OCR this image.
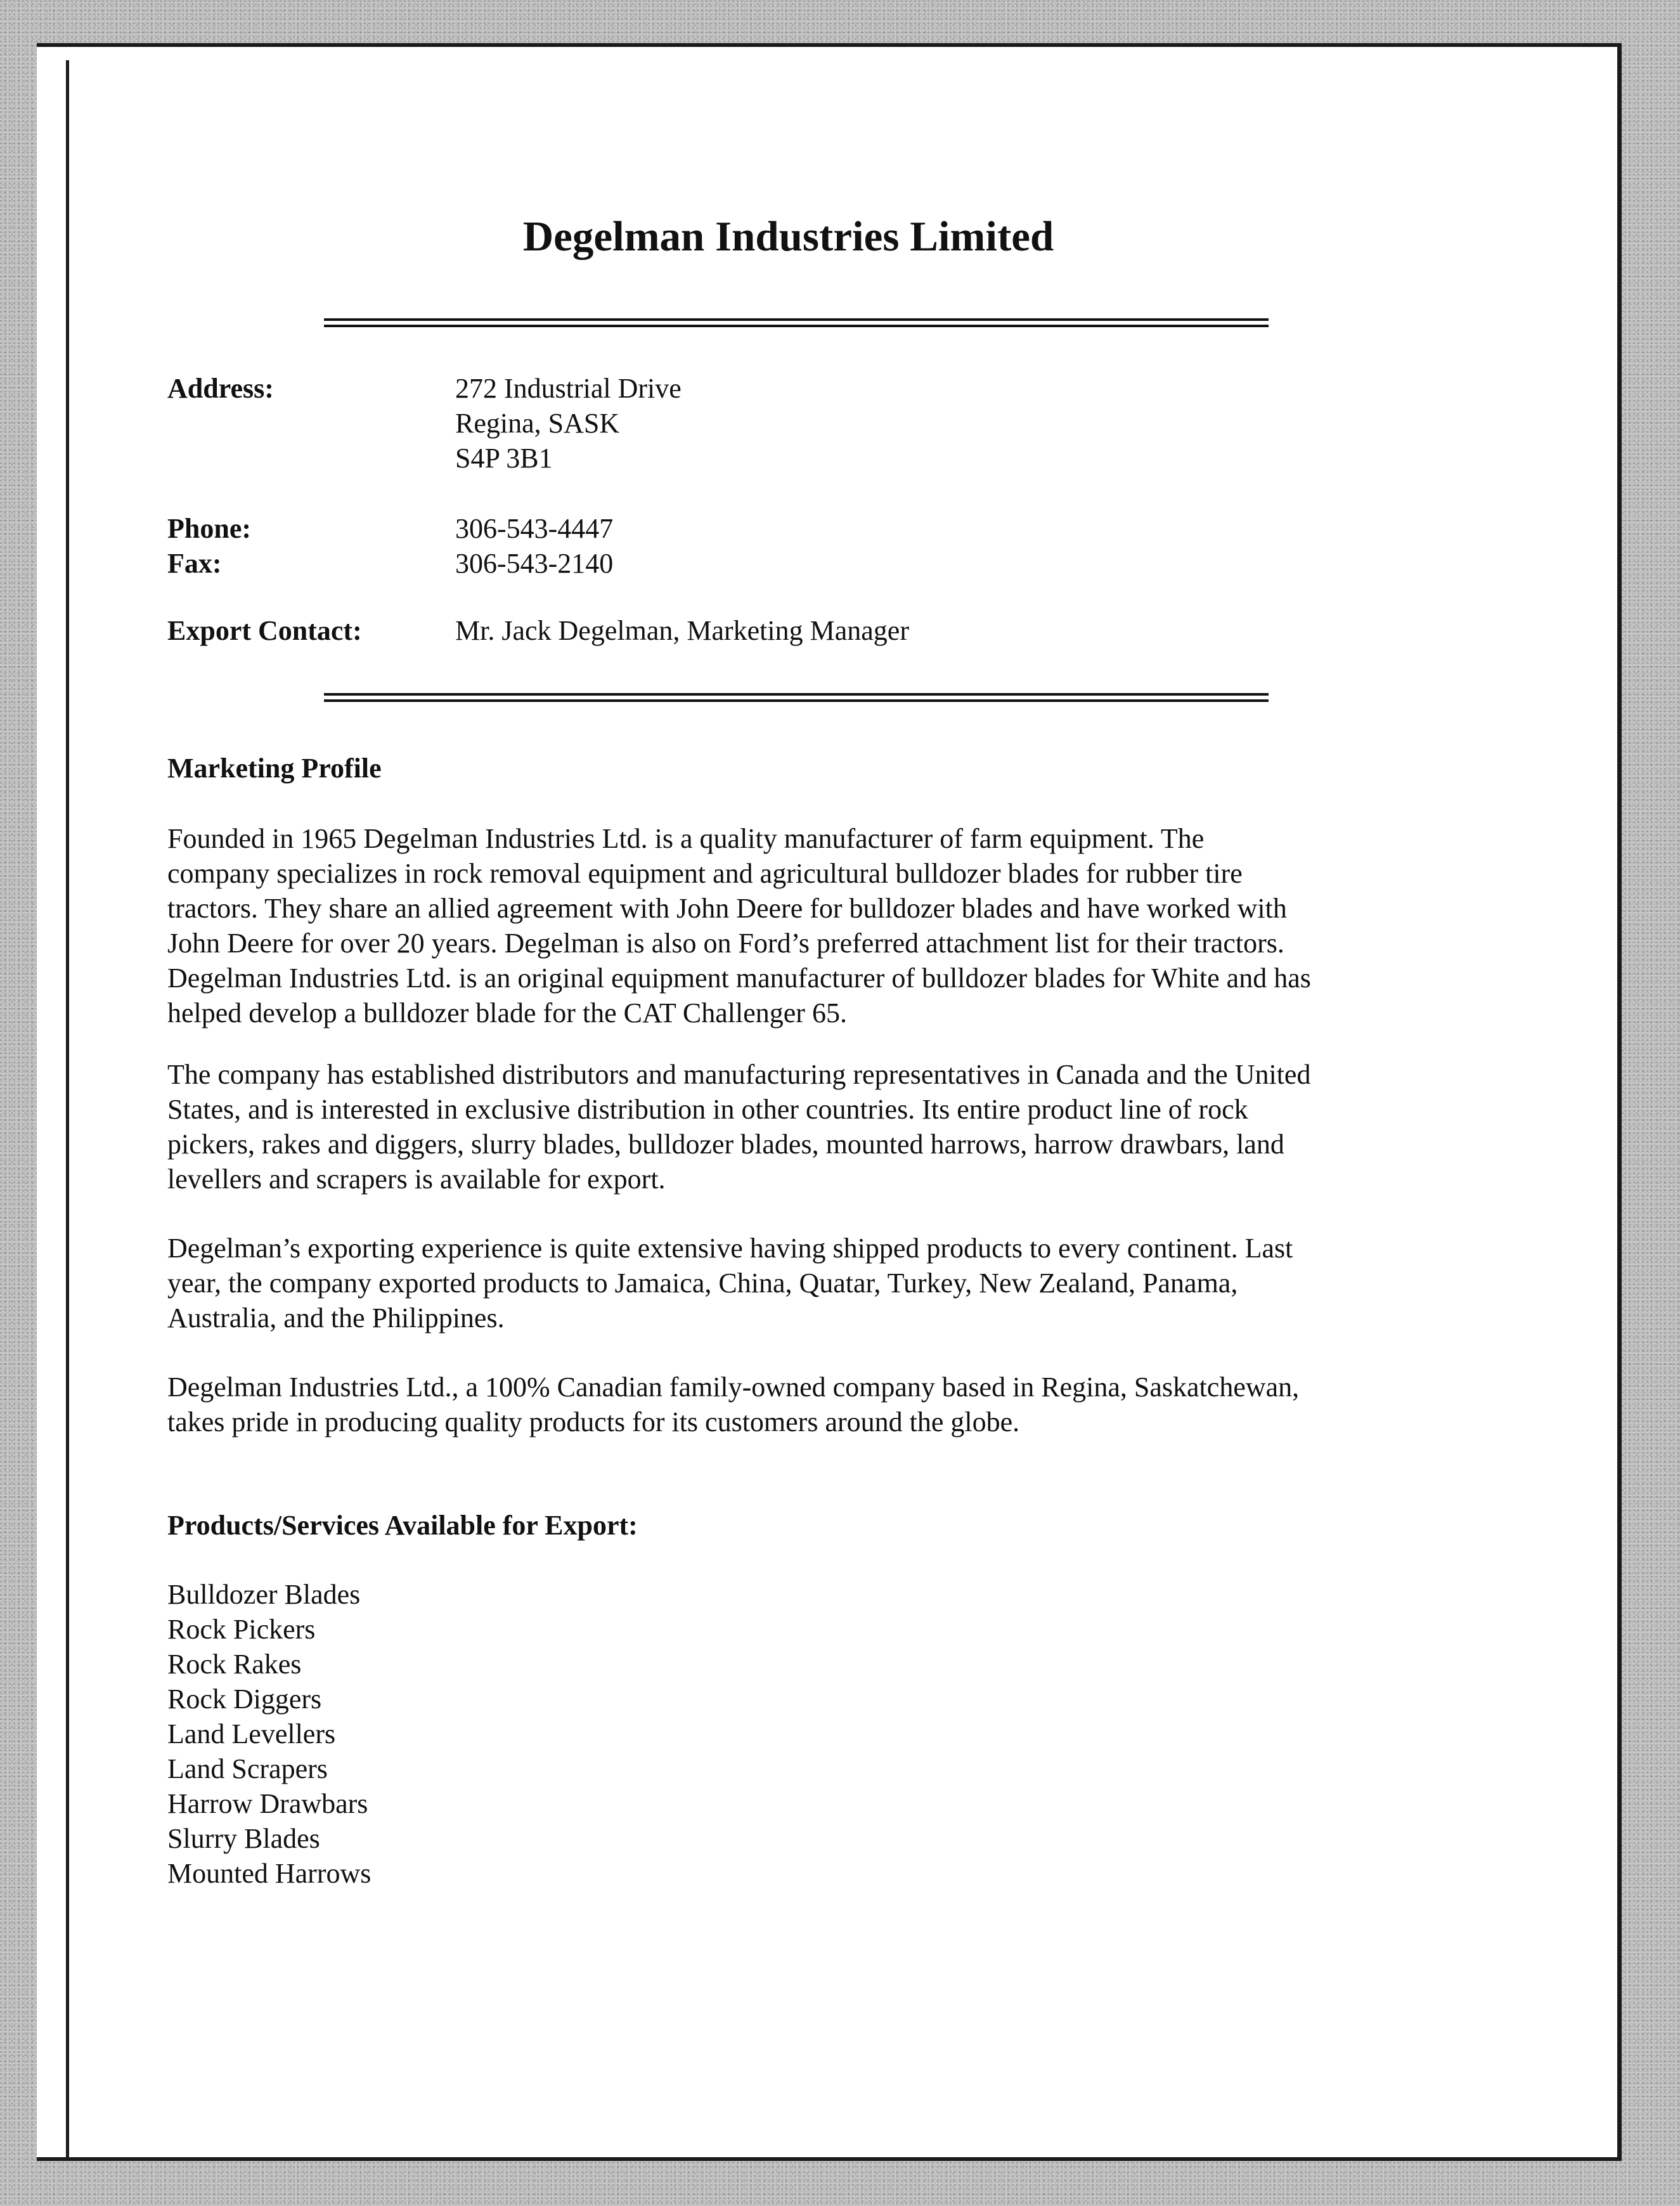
Degelman Industries Limited

Address:	272 Industrial Drive
Regina, SASK
S4P 3B1

Phone:	306-543-4447

Fax:	306-543-2140

Export Contact:	Mr. Jack Degelman, Marketing Manager

Marketing Profile
Founded in 1965 Degelman Industries Ltd. is a quality manufacturer of farm equipment. The
company specializes in rock removal equipment and agricultural bulldozer blades for rubber tire
tractors. They share an allied agreement with John Deere for bulldozer blades and have worked with
John Deere for over 20 years. Degelman is also on Ford’s preferred attachment list for their tractors.
Degelman Industries Ltd. is an original equipment manufacturer of bulldozer blades for White and has
helped develop a bulldozer blade for the CAT Challenger 65.
The company has established distributors and manufacturing representatives in Canada and the United
States, and is interested in exclusive distribution in other countries. Its entire product line of rock
pickers, rakes and diggers, slurry blades, bulldozer blades, mounted harrows, harrow drawbars, land
levellers and scrapers is available for export.
Degelman’s exporting experience is quite extensive having shipped products to every continent. Last
year, the company exported products to Jamaica, China, Quatar, Turkey, New Zealand, Panama,
Australia, and the Philippines.
Degelman Industries Ltd., a 100% Canadian family-owned company based in Regina, Saskatchewan,
takes pride in producing quality products for its customers around the globe.
Products/Services Available for Export:
Bulldozer Blades
Rock Pickers
Rock Rakes
Rock Diggers
Land Levellers
Land Scrapers
Harrow Drawbars
Slurry Blades
Mounted Harrows
